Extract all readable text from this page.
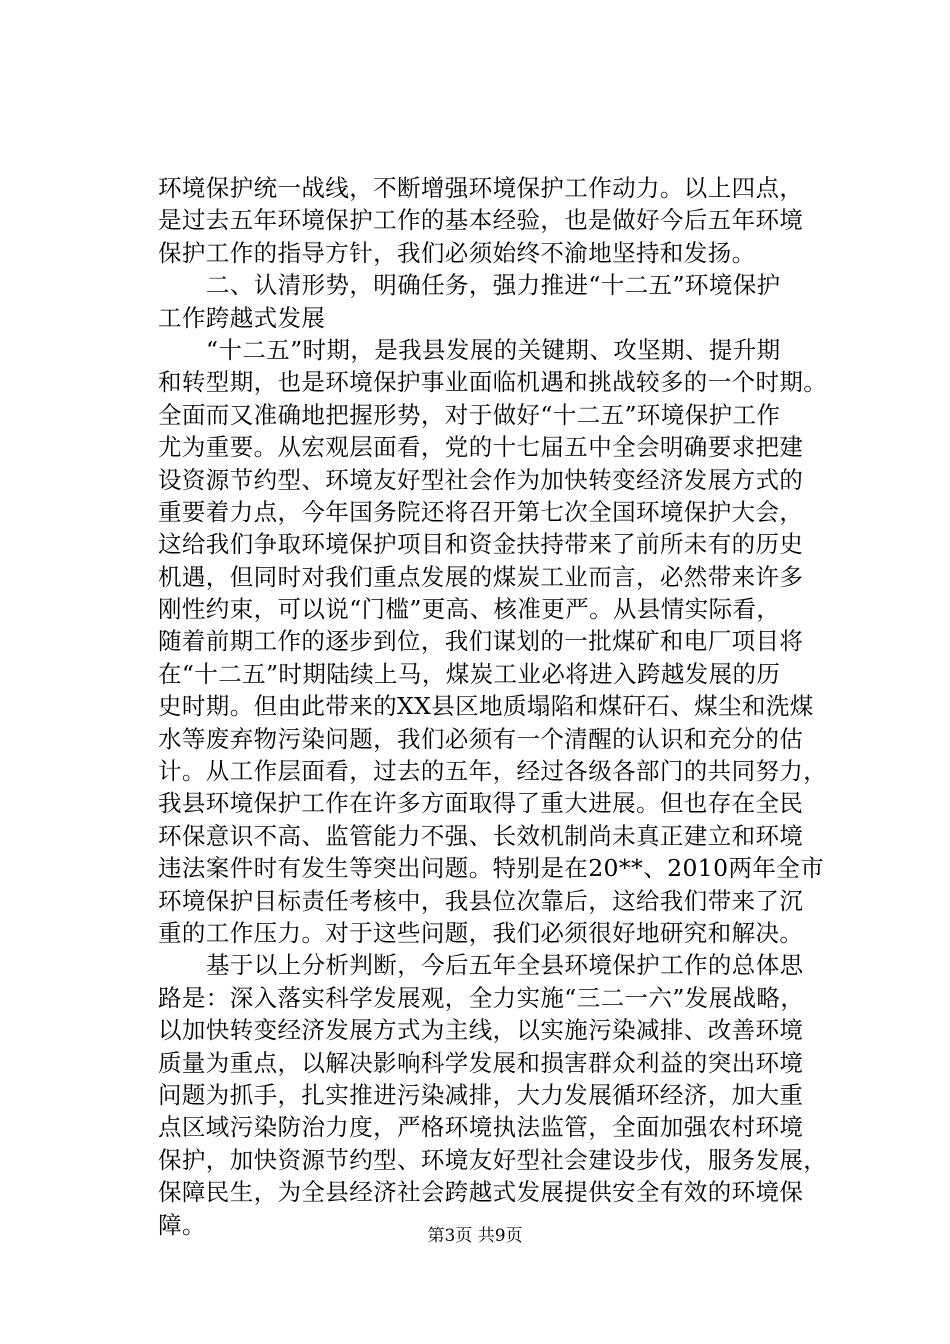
环境保护统一战线，不断增强环境保护工作动力。以上四点，
是过去五年环境保护工作的基本经验，也是做好今后五年环境
保护工作的指导方针，我们必须始终不渝地坚持和发扬。
二、认清形势，明确任务，强力推进“十二五”环境保护
工作跨越式发展
“十二五”时期，是我县发展的关键期、攻坚期、提升期
和转型期，也是环境保护事业面临机遇和挑战较多的一个时期。
全面而又准确地把握形势，对于做好“十二五”环境保护工作
尤为重要。从宏观层面看，党的十七届五中全会明确要求把建
设资源节约型、环境友好型社会作为加快转变经济发展方式的
重要着力点，今年国务院还将召开第七次全国环境保护大会，
这给我们争取环境保护项目和资金扶持带来了前所未有的历史
机遇，但同时对我们重点发展的煤炭工业而言，必然带来许多
刚性约束，可以说“门槛”更高、核准更严。从县情实际看，
随着前期工作的逐步到位，我们谋划的一批煤矿和电厂项目将
在“十二五”时期陆续上马，煤炭工业必将进入跨越发展的历
史时期。但由此带来的XX县区地质塌陷和煤矸石、煤尘和洗煤
水等废弃物污染问题，我们必须有一个清醒的认识和充分的估
计。从工作层面看，过去的五年，经过各级各部门的共同努力，
我县环境保护工作在许多方面取得了重大进展。但也存在全民
环保意识不高、监管能力不强、长效机制尚未真正建立和环境
违法案件时有发生等突出问题。特别是在20**、2010两年全市
环境保护目标责任考核中，我县位次靠后，这给我们带来了沉
重的工作压力。对于这些问题，我们必须很好地研究和解决。
基于以上分析判断，今后五年全县环境保护工作的总体思
路是：深入落实科学发展观，全力实施“三二一六”发展战略，
以加快转变经济发展方式为主线，以实施污染减排、改善环境
质量为重点，以解决影响科学发展和损害群众利益的突出环境
问题为抓手，扎实推进污染减排，大力发展循环经济，加大重
点区域污染防治力度，严格环境执法监管，全面加强农村环境
保护，加快资源节约型、环境友好型社会建设步伐，服务发展，
保障民生，为全县经济社会跨越式发展提供安全有效的环境保
障。	第3页 共9页
